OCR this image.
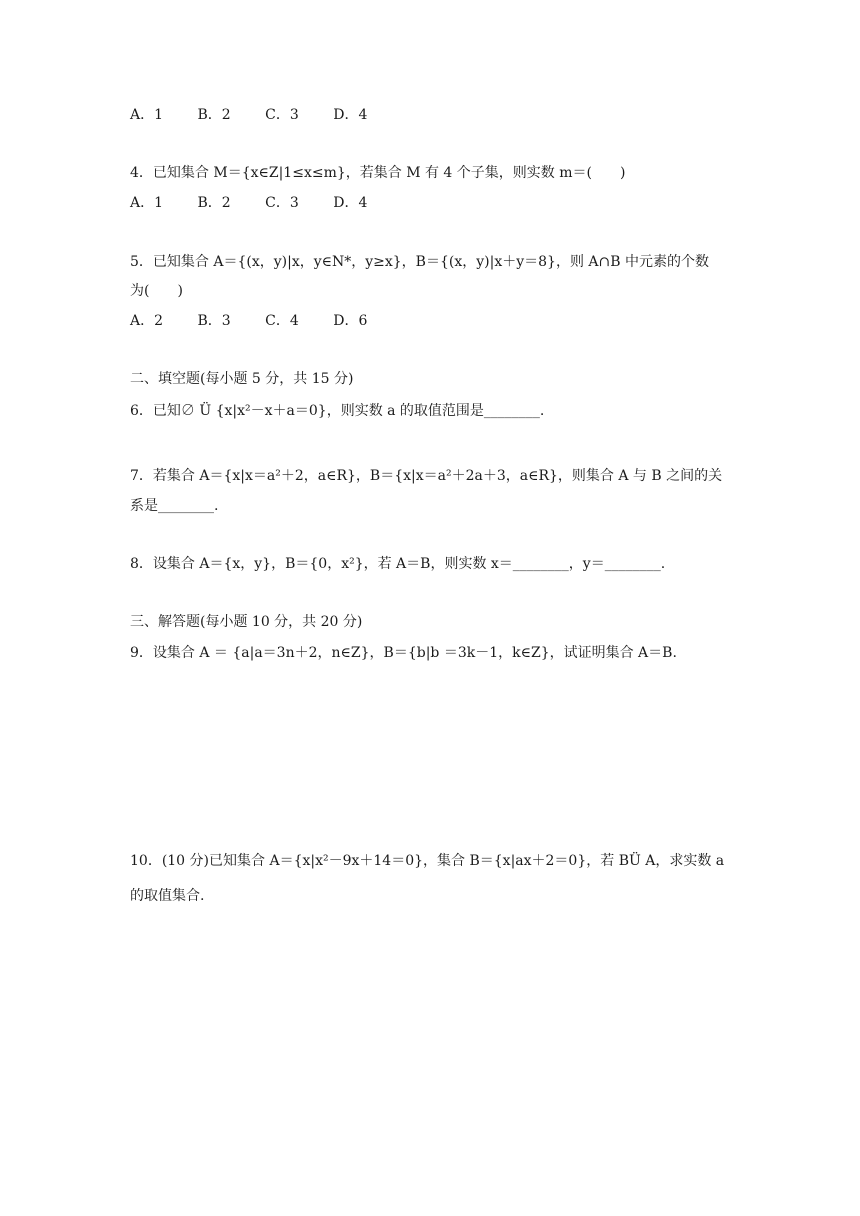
A．1 B．2 C．3 D．4
4．已知集合 M＝{x∈Z|1≤x≤m}，若集合 M 有 4 个子集，则实数 m＝(　　)
A．1 B．2 C．3 D．4
5．已知集合 A＝{(x，y)|x，y∈N*，y≥x}，B＝{(x，y)|x＋y＝8}，则 A∩B 中元素的个数
为(　　)
A．2 B．3 C．4 D．6
二、填空题(每小题 5 分，共 15 分)
6．已知∅ Ü {x|x²－x＋a＝0}，则实数 a 的取值范围是________.
7．若集合 A＝{x|x＝a²＋2，a∈R}，B＝{x|x＝a²＋2a＋3，a∈R}，则集合 A 与 B 之间的关
系是________.
8．设集合 A＝{x，y}，B＝{0，x²}，若 A＝B，则实数 x＝________，y＝________.
三、解答题(每小题 10 分，共 20 分)
9．设集合 A ＝ {a|a＝3n＋2，n∈Z}，B＝{b|b ＝3k－1，k∈Z}，试证明集合 A＝B.
10．(10 分)已知集合 A＝{x|x²－9x＋14＝0}，集合 B＝{x|ax＋2＝0}，若 BÜ A，求实数 a
的取值集合.
